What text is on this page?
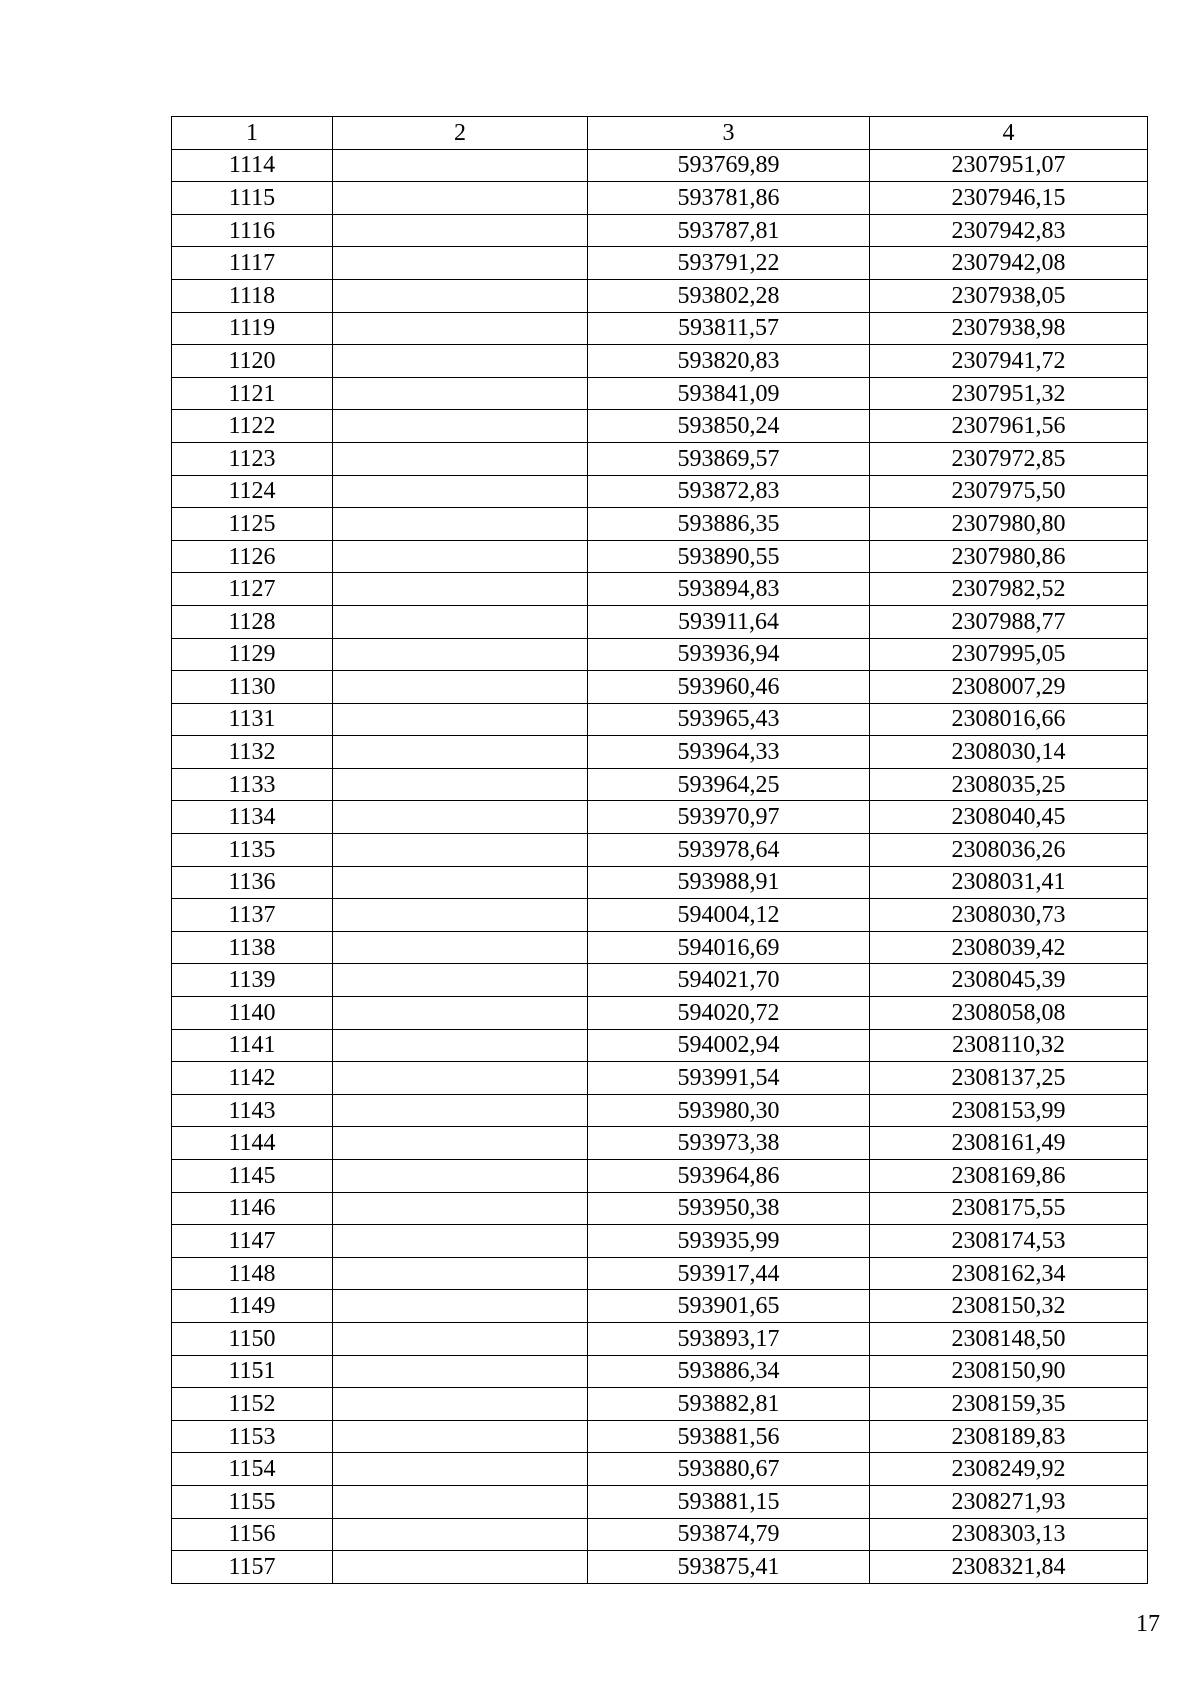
1	2	3	4
1114		593769,89	2307951,07
1115		593781,86	2307946,15
1116		593787,81	2307942,83
1117		593791,22	2307942,08
1118		593802,28	2307938,05
1119		593811,57	2307938,98
1120		593820,83	2307941,72
1121		593841,09	2307951,32
1122		593850,24	2307961,56
1123		593869,57	2307972,85
1124		593872,83	2307975,50
1125		593886,35	2307980,80
1126		593890,55	2307980,86
1127		593894,83	2307982,52
1128		593911,64	2307988,77
1129		593936,94	2307995,05
1130		593960,46	2308007,29
1131		593965,43	2308016,66
1132		593964,33	2308030,14
1133		593964,25	2308035,25
1134		593970,97	2308040,45
1135		593978,64	2308036,26
1136		593988,91	2308031,41
1137		594004,12	2308030,73
1138		594016,69	2308039,42
1139		594021,70	2308045,39
1140		594020,72	2308058,08
1141		594002,94	2308110,32
1142		593991,54	2308137,25
1143		593980,30	2308153,99
1144		593973,38	2308161,49
1145		593964,86	2308169,86
1146		593950,38	2308175,55
1147		593935,99	2308174,53
1148		593917,44	2308162,34
1149		593901,65	2308150,32
1150		593893,17	2308148,50
1151		593886,34	2308150,90
1152		593882,81	2308159,35
1153		593881,56	2308189,83
1154		593880,67	2308249,92
1155		593881,15	2308271,93
1156		593874,79	2308303,13
1157		593875,41	2308321,84
17
